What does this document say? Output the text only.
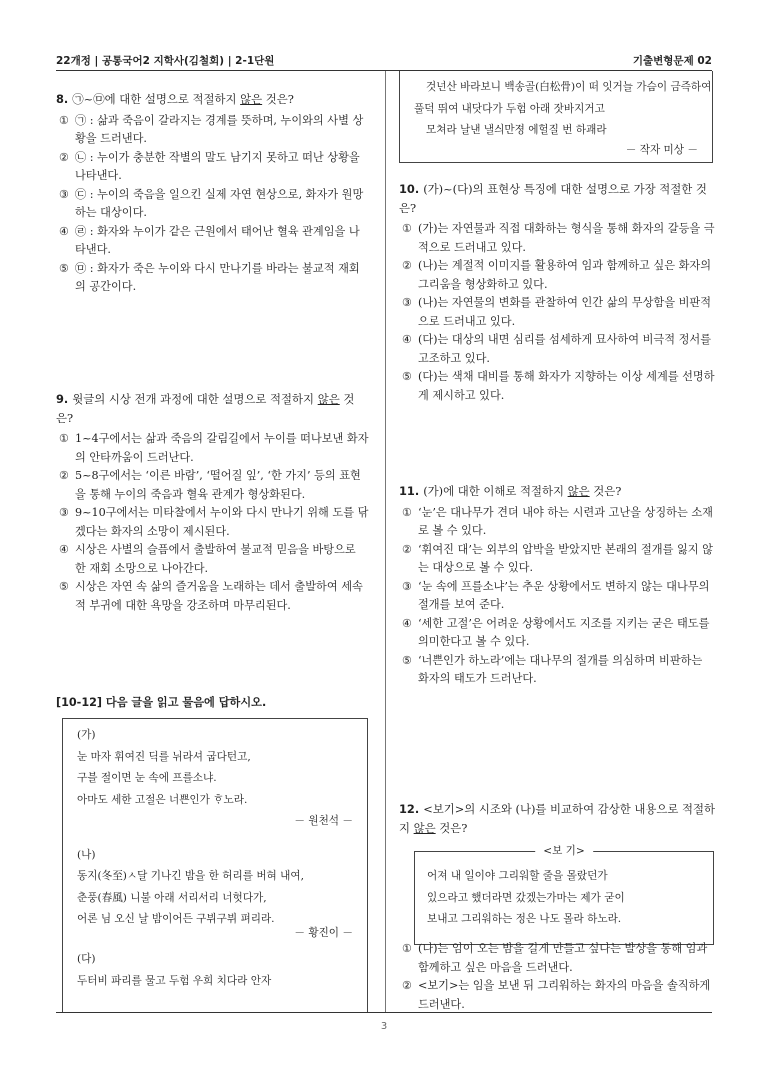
22개정 | 공통국어2 지학사(김철회) | 2-1단원	기출변형문제 02
8. ㉠~㉤에 대한 설명으로 적절하지 않은 것은?
① ㉠ : 삶과 죽음이 갈라지는 경계를 뜻하며, 누이와의 사별 상황을 드러낸다.
② ㉡ : 누이가 충분한 작별의 말도 남기지 못하고 떠난 상황을 나타낸다.
③ ㉢ : 누이의 죽음을 일으킨 실제 자연 현상으로, 화자가 원망하는 대상이다.
④ ㉣ : 화자와 누이가 같은 근원에서 태어난 혈육 관계임을 나타낸다.
⑤ ㉤ : 화자가 죽은 누이와 다시 만나기를 바라는 불교적 재회의 공간이다.
9. 윗글의 시상 전개 과정에 대한 설명으로 적절하지 않은 것은?
① 1~4구에서는 삶과 죽음의 갈림길에서 누이를 떠나보낸 화자의 안타까움이 드러난다.
② 5~8구에서는 ‘이른 바람’, ‘떨어질 잎’, ‘한 가지’ 등의 표현을 통해 누이의 죽음과 혈육 관계가 형상화된다.
③ 9~10구에서는 미타찰에서 누이와 다시 만나기 위해 도를 닦겠다는 화자의 소망이 제시된다.
④ 시상은 사별의 슬픔에서 출발하여 불교적 믿음을 바탕으로 한 재회 소망으로 나아간다.
⑤ 시상은 자연 속 삶의 즐거움을 노래하는 데서 출발하여 세속적 부귀에 대한 욕망을 강조하며 마무리된다.
[10-12] 다음 글을 읽고 물음에 답하시오.

(가)

눈 마자 휘여진 딕를 뉘라셔 굽다턴고,

구블 절이면 눈 속에 프를소냐.

아마도 세한 고절은 너쁜인가 ᄒᆞ노라.

－ 원천석 －

(나)

동지(冬至)ㅅ달 기나긴 밤을 한 허리를 버혀 내여,

춘풍(春風) 니불 아래 서리서리 너헛다가,

어론 님 오신 날 밤이어든 구뷔구뷔 펴리라.

－ 황진이 －

(다)

두터비 파리를 물고 두험 우희 치다라 안자

것넌산 바라보니 백송골(白松骨)이 떠 잇거늘 가슴이 금즉하여

풀덕 뛰여 내닷다가 두험 아래 잣바지거고

모쳐라 날낸 낼싀만졍 에헐질 번 하괘라

－ 작자 미상 －

10. (가)~(다)의 표현상 특징에 대한 설명으로 가장 적절한 것은?
① (가)는 자연물과 직접 대화하는 형식을 통해 화자의 갈등을 극적으로 드러내고 있다.
② (나)는 계절적 이미지를 활용하여 임과 함께하고 싶은 화자의 그리움을 형상화하고 있다.
③ (나)는 자연물의 변화를 관찰하여 인간 삶의 무상함을 비판적으로 드러내고 있다.
④ (다)는 대상의 내면 심리를 섬세하게 묘사하여 비극적 정서를 고조하고 있다.
⑤ (다)는 색채 대비를 통해 화자가 지향하는 이상 세계를 선명하게 제시하고 있다.
11. (가)에 대한 이해로 적절하지 않은 것은?
① ‘눈’은 대나무가 견뎌 내야 하는 시련과 고난을 상징하는 소재로 볼 수 있다.
② ‘휘여진 대’는 외부의 압박을 받았지만 본래의 절개를 잃지 않는 대상으로 볼 수 있다.
③ ‘눈 속에 프를소냐’는 추운 상황에서도 변하지 않는 대나무의 절개를 보여 준다.
④ ‘세한 고절’은 어려운 상황에서도 지조를 지키는 굳은 태도를 의미한다고 볼 수 있다.
⑤ ‘너쁜인가 하노라’에는 대나무의 절개를 의심하며 비판하는 화자의 태도가 드러난다.
12. <보기>의 시조와 (나)를 비교하여 감상한 내용으로 적절하지 않은 것은?
<보 기>

어져 내 일이야 그리워할 줄을 몰랐던가

있으라고 했더라면 갔겠는가마는 제가 굳이

보내고 그리워하는 정은 나도 몰라 하노라.

① (나)는 임이 오는 밤을 길게 만들고 싶다는 발상을 통해 임과 함께하고 싶은 마음을 드러낸다.
② <보기>는 임을 보낸 뒤 그리워하는 화자의 마음을 솔직하게 드러낸다.
3
